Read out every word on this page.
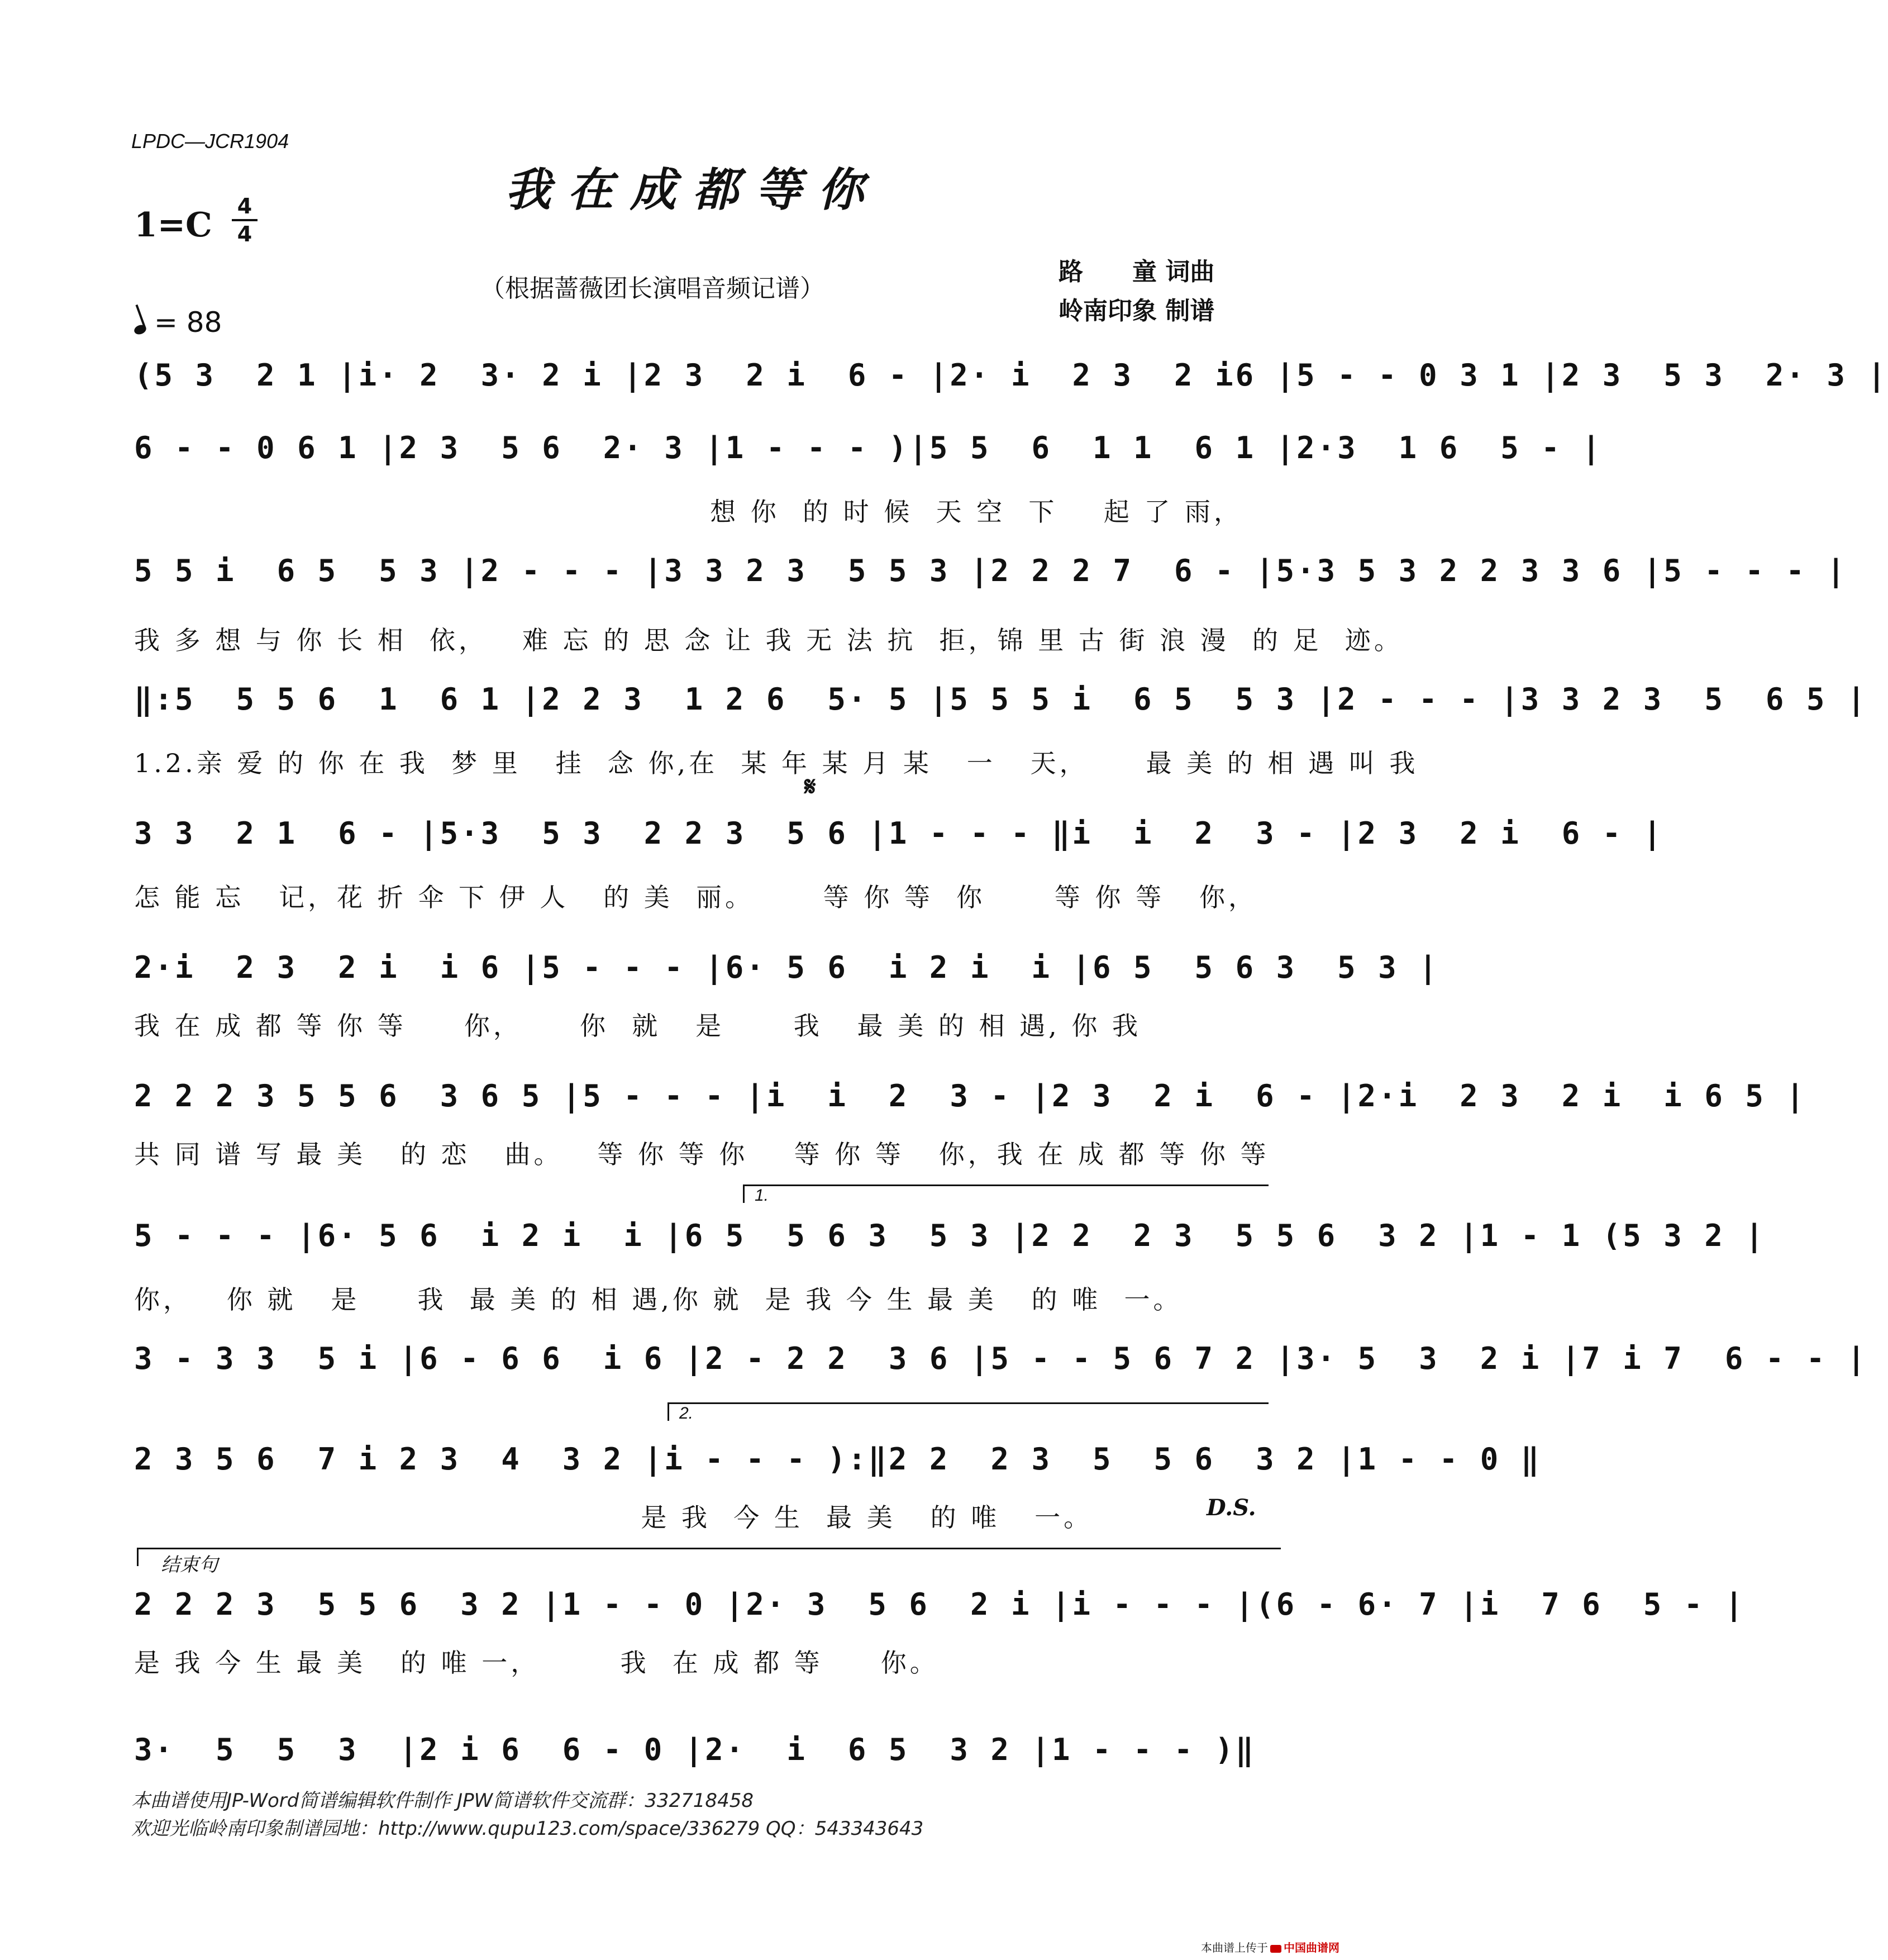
LPDC—JCR1904
我在成都等你
1=C 4
4
（根据蔷薇团长演唱音频记谱）
路　　童 词曲
岭南印象 制谱
= 88
(5 3  2 1 |i· 2  3· 2 i |2 3  2 i  6 - |2· i  2 3  2 i6 |5 - - 0 3 1 |2 3  5 3  2· 3 |
6 - - 0 6 1 |2 3  5 6  2· 3 |1 - - - )|5 5  6  1 1  6 1 |2·3  1 6  5 - |
想 你  的 时 候  天 空  下    起 了 雨，
5 5 i  6 5  5 3 |2 - - - |3 3 2 3  5 5 3 |2 2 2 7  6 - |5·3 5 3 2 2 3 3 6 |5 - - - |
我 多 想 与 你 长 相  依，   难 忘 的 思 念 让 我 无 法 抗  拒，锦 里 古 街 浪 漫  的 足  迹。
‖:5  5 5 6  1  6 1 |2 2 3  1 2 6  5· 5 |5 5 5 i  6 5  5 3 |2 - - - |3 3 2 3  5  6 5 |
1.2.亲 爱 的 你 在 我  梦 里   挂  念 你,在  某 年 某 月 某   一   天，     最 美 的 相 遇 叫 我
𝄋
3 3  2 1  6 - |5·3  5 3  2 2 3  5 6 |1 - - - ‖i  i  2  3 - |2 3  2 i  6 - |
怎 能 忘   记，花 折 伞 下 伊 人   的 美  丽。      等 你 等  你      等 你 等   你，
2·i  2 3  2 i  i 6 |5 - - - |6· 5 6  i 2 i  i |6 5  5 6 3  5 3 |
我 在 成 都 等 你 等     你，     你  就   是      我   最 美 的 相 遇, 你 我
2 2 2 3 5 5 6  3 6 5 |5 - - - |i  i  2  3 - |2 3  2 i  6 - |2·i  2 3  2 i  i 6 5 |
共 同 谱 写 最 美   的 恋   曲。   等 你 等 你    等 你 等   你，我 在 成 都 等 你 等
1.
5 - - - |6· 5 6  i 2 i  i |6 5  5 6 3  5 3 |2 2  2 3  5 5 6  3 2 |1 - 1 (5 3 2 |
你，   你 就   是     我  最 美 的 相 遇,你 就  是 我 今 生 最 美   的 唯  一。
3 - 3 3  5 i |6 - 6 6  i 6 |2 - 2 2  3 6 |5 - - 5 6 7 2 |3· 5  3  2 i |7 i 7  6 - - |
2.
2 3 5 6  7 i 2 3  4  3 2 |i - - - ):‖2 2  2 3  5  5 6  3 2 |1 - - 0 ‖
是 我  今 生  最 美   的 唯   一。	D.S.
结束句
2 2 2 3  5 5 6  3 2 |1 - - 0 |2· 3  5 6  2 i |i - - - |(6 - 6· 7 |i  7 6  5 - |
是 我 今 生 最 美   的 唯 一，       我  在 成 都 等     你。
3·  5  5  3  |2 i 6  6 - 0 |2·  i  6 5  3 2 |1 - - - )‖
本曲谱使用JP-Word简谱编辑软件制作 JPW简谱软件交流群：332718458
欢迎光临岭南印象制谱园地：http://www.qupu123.com/space/336279 QQ：543343643
本曲谱上传于 中国曲谱网
